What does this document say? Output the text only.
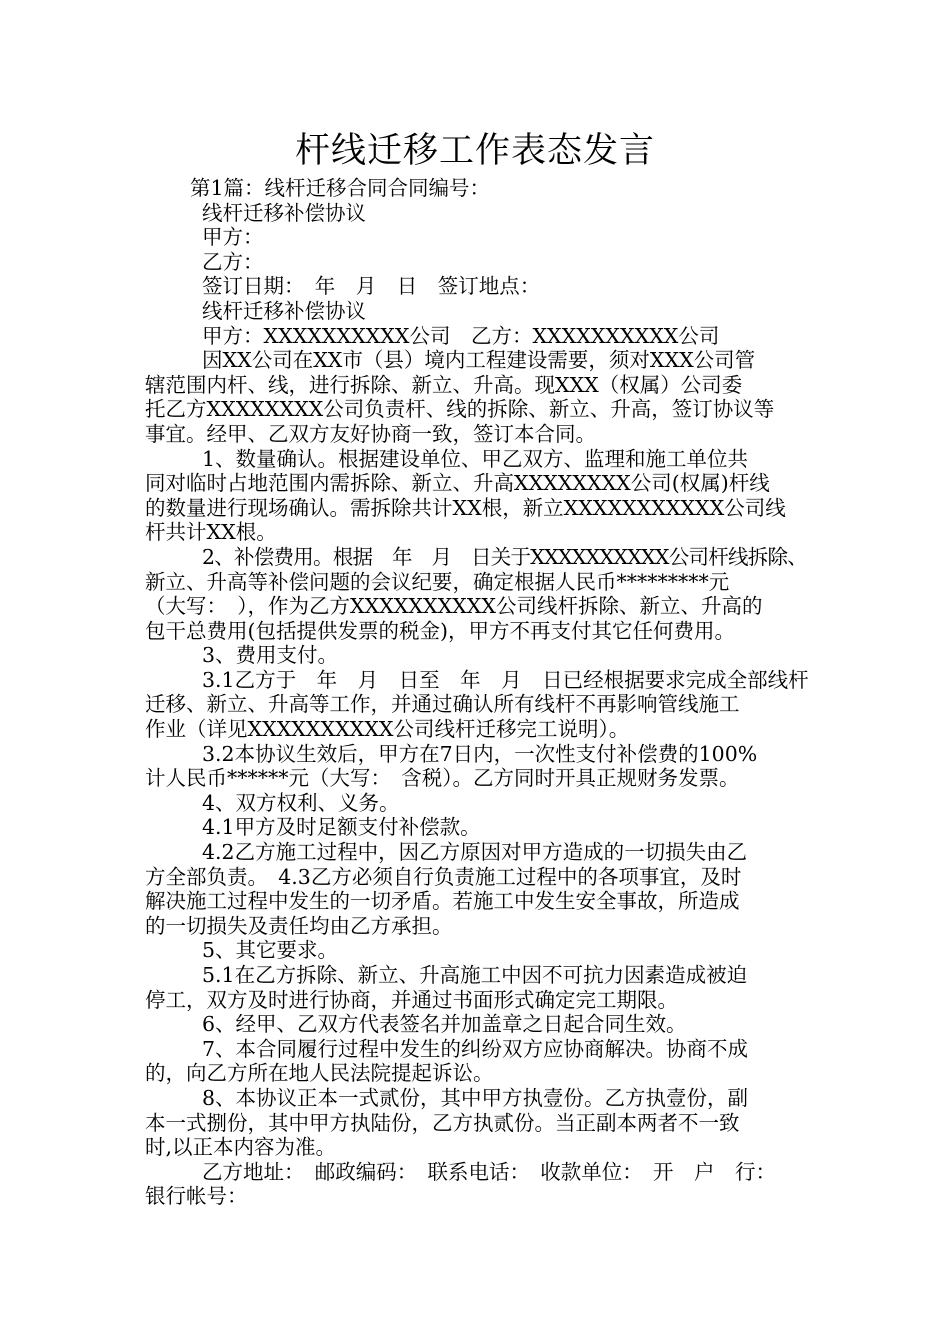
杆线迁移工作表态发言
第1篇：线杆迁移合同合同编号：
线杆迁移补偿协议
甲方：
乙方：
签订日期：　年　月　日　签订地点：
线杆迁移补偿协议
甲方：XXXXXXXXXX公司　乙方：XXXXXXXXXX公司
因XX公司在XX市（县）境内工程建设需要，须对XXX公司管
辖范围内杆、线，进行拆除、新立、升高。现XXX（权属）公司委
托乙方XXXXXXXX公司负责杆、线的拆除、新立、升高，签订协议等
事宜。经甲、乙双方友好协商一致，签订本合同。
1、数量确认。根据建设单位、甲乙双方、监理和施工单位共
同对临时占地范围内需拆除、新立、升高XXXXXXXX公司(权属)杆线
的数量进行现场确认。需拆除共计XX根，新立XXXXXXXXXXX公司线
杆共计XX根。
2、补偿费用。根据　年　月　日关于XXXXXXXXXX公司杆线拆除、
新立、升高等补偿问题的会议纪要，确定根据人民币*********元
（大写：　），作为乙方XXXXXXXXXX公司线杆拆除、新立、升高的
包干总费用(包括提供发票的税金)，甲方不再支付其它任何费用。
3、费用支付。
3.1乙方于　年　月　日至　年　月　日已经根据要求完成全部线杆
迁移、新立、升高等工作，并通过确认所有线杆不再影响管线施工
作业（详见XXXXXXXXXX公司线杆迁移完工说明）。
3.2本协议生效后，甲方在7日内，一次性支付补偿费的100%
计人民币******元（大写：　含税）。乙方同时开具正规财务发票。
4、双方权利、义务。
4.1甲方及时足额支付补偿款。
4.2乙方施工过程中，因乙方原因对甲方造成的一切损失由乙
方全部负责。　4.3乙方必须自行负责施工过程中的各项事宜，及时
解决施工过程中发生的一切矛盾。若施工中发生安全事故，所造成
的一切损失及责任均由乙方承担。
5、其它要求。
5.1在乙方拆除、新立、升高施工中因不可抗力因素造成被迫
停工，双方及时进行协商，并通过书面形式确定完工期限。
6、经甲、乙双方代表签名并加盖章之日起合同生效。
7、本合同履行过程中发生的纠纷双方应协商解决。协商不成
的，向乙方所在地人民法院提起诉讼。
8、本协议正本一式贰份，其中甲方执壹份。乙方执壹份，副
本一式捌份，其中甲方执陆份，乙方执贰份。当正副本两者不一致
时,以正本内容为准。
乙方地址：　邮政编码：　联系电话：　收款单位：　开　户　行：
银行帐号：
